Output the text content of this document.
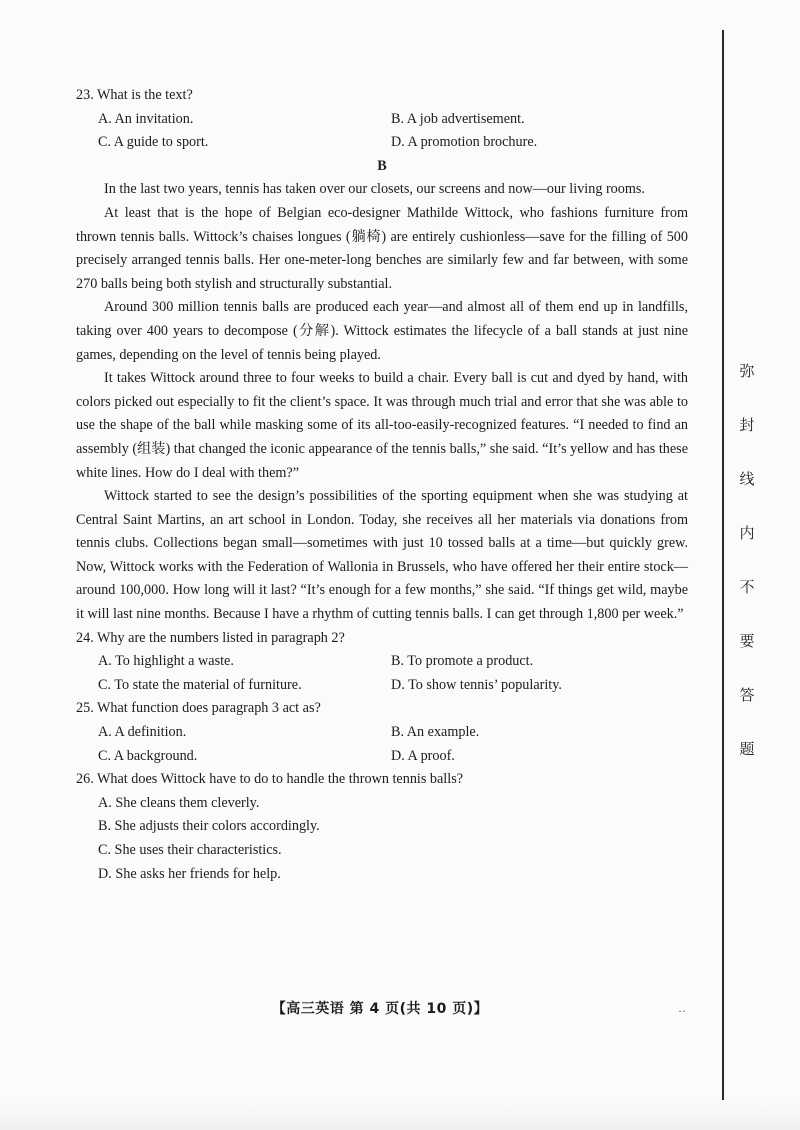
23. What is the text?

A. An invitation.	B. A job advertisement.

C. A guide to sport.	D. A promotion brochure.

B

In the last two years, tennis has taken over our closets, our screens and now—our living rooms.

At least that is the hope of Belgian eco-designer Mathilde Wittock, who fashions furniture from thrown tennis balls. Wittock’s chaises longues (躺椅) are entirely cushionless—save for the filling of 500 precisely arranged tennis balls. Her one-meter-long benches are similarly few and far between, with some 270 balls being both stylish and structurally substantial.

Around 300 million tennis balls are produced each year—and almost all of them end up in landfills, taking over 400 years to decompose (分解). Wittock estimates the lifecycle of a ball stands at just nine games, depending on the level of tennis being played.

It takes Wittock around three to four weeks to build a chair. Every ball is cut and dyed by hand, with colors picked out especially to fit the client’s space. It was through much trial and error that she was able to use the shape of the ball while masking some of its all-too-easily-recognized features. “I needed to find an assembly (组装) that changed the iconic appearance of the tennis balls,” she said. “It’s yellow and has these white lines. How do I deal with them?”

Wittock started to see the design’s possibilities of the sporting equipment when she was studying at Central Saint Martins, an art school in London. Today, she receives all her materials via donations from tennis clubs. Collections began small—sometimes with just 10 tossed balls at a time—but quickly grew. Now, Wittock works with the Federation of Wallonia in Brussels, who have offered her their entire stock—around 100,000. How long will it last? “It’s enough for a few months,” she said. “If things get wild, maybe it will last nine months. Because I have a rhythm of cutting tennis balls. I can get through 1,800 per week.”

24. Why are the numbers listed in paragraph 2?

A. To highlight a waste.	B. To promote a product.

C. To state the material of furniture.	D. To show tennis’ popularity.

25. What function does paragraph 3 act as?

A. A definition.	B. An example.

C. A background.	D. A proof.

26. What does Wittock have to do to handle the thrown tennis balls?

A. She cleans them cleverly.

B. She adjusts their colors accordingly.

C. She uses their characteristics.

D. She asks her friends for help.

【高三英语 第 4 页(共 10 页)】	··
弥
封
线
内
不
要
答
题
